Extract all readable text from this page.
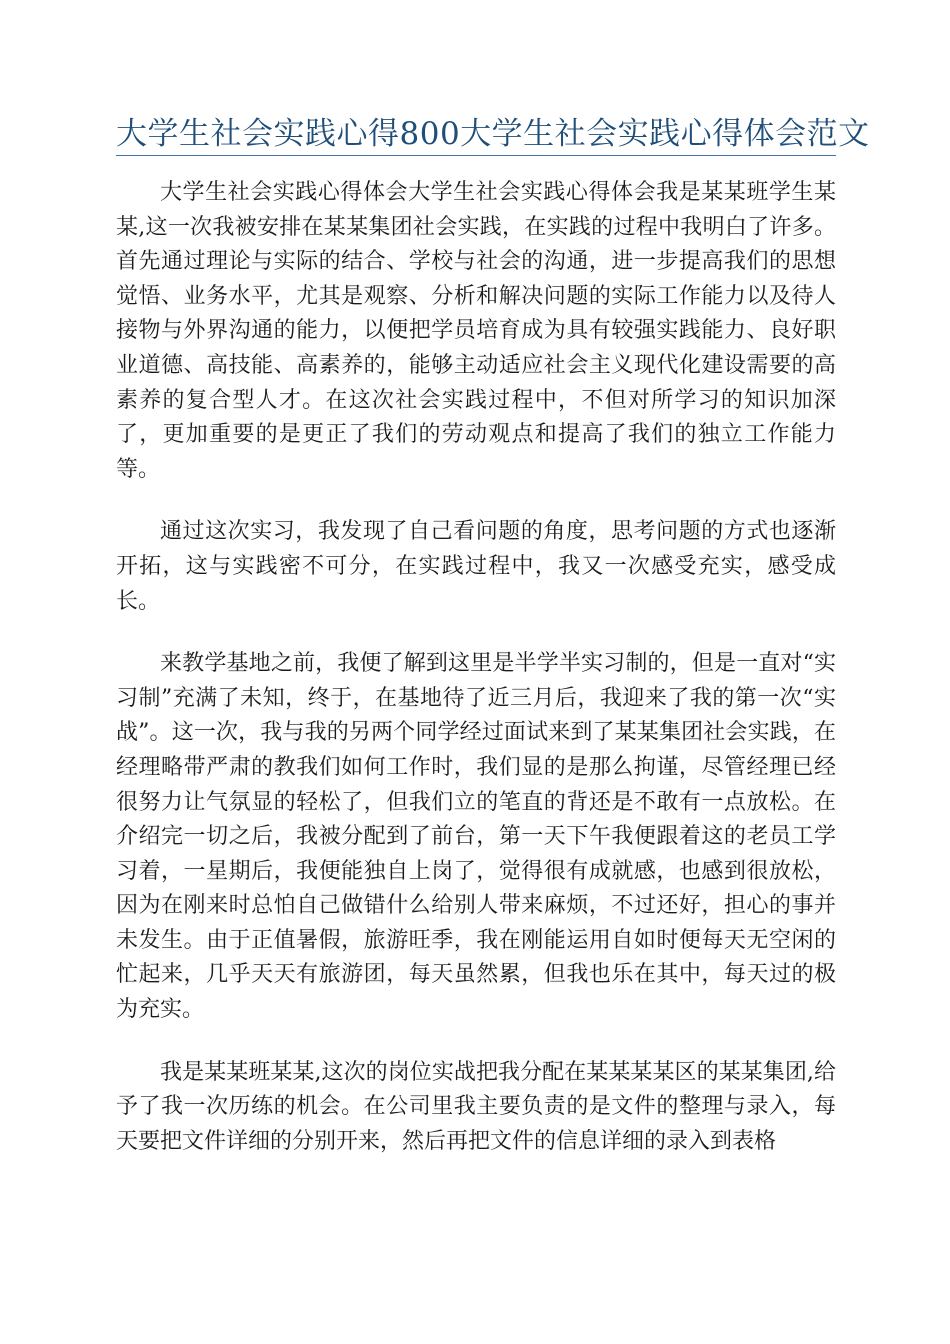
大学生社会实践心得800大学生社会实践心得体会范文

大学生社会实践心得体会大学生社会实践心得体会我是某某班学生某某,这一次我被安排在某某集团社会实践，在实践的过程中我明白了许多。首先通过理论与实际的结合、学校与社会的沟通，进一步提高我们的思想觉悟、业务水平，尤其是观察、分析和解决问题的实际工作能力以及待人接物与外界沟通的能力，以便把学员培育成为具有较强实践能力、良好职业道德、高技能、高素养的，能够主动适应社会主义现代化建设需要的高素养的复合型人才。在这次社会实践过程中，不但对所学习的知识加深了，更加重要的是更正了我们的劳动观点和提高了我们的独立工作能力等。

通过这次实习，我发现了自己看问题的角度，思考问题的方式也逐渐开拓，这与实践密不可分，在实践过程中，我又一次感受充实，感受成长。

来教学基地之前，我便了解到这里是半学半实习制的，但是一直对“实习制”充满了未知，终于，在基地待了近三月后，我迎来了我的第一次“实战”。这一次，我与我的另两个同学经过面试来到了某某集团社会实践，在经理略带严肃的教我们如何工作时，我们显的是那么拘谨，尽管经理已经很努力让气氛显的轻松了，但我们立的笔直的背还是不敢有一点放松。在介绍完一切之后，我被分配到了前台，第一天下午我便跟着这的老员工学习着，一星期后，我便能独自上岗了，觉得很有成就感，也感到很放松，因为在刚来时总怕自己做错什么给别人带来麻烦，不过还好，担心的事并未发生。由于正值暑假，旅游旺季，我在刚能运用自如时便每天无空闲的忙起来，几乎天天有旅游团，每天虽然累，但我也乐在其中，每天过的极为充实。

我是某某班某某,这次的岗位实战把我分配在某某某某区的某某集团,给予了我一次历练的机会。在公司里我主要负责的是文件的整理与录入，每天要把文件详细的分别开来，然后再把文件的信息详细的录入到表格
